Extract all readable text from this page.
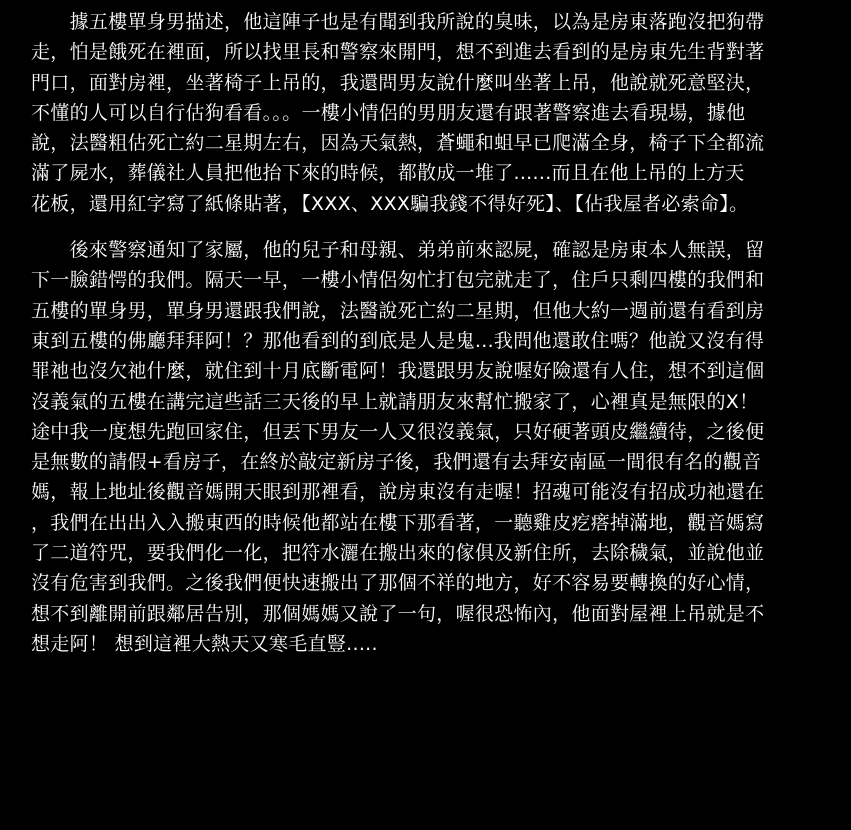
　　據五樓單身男描述，他這陣子也是有聞到我所說的臭味，以為是房東落跑沒把狗帶
走，怕是餓死在裡面，所以找里長和警察來開門，想不到進去看到的是房東先生背對著
門口，面對房裡，坐著椅子上吊的，我還問男友說什麼叫坐著上吊，他說就死意堅決，
不懂的人可以自行估狗看看。。。一樓小情侶的男朋友還有跟著警察進去看現場，據他
說，法醫粗估死亡約二星期左右，因為天氣熱，蒼蠅和蛆早已爬滿全身，椅子下全都流
滿了屍水，葬儀社人員把他抬下來的時候，都散成一堆了......而且在他上吊的上方天
花板，還用紅字寫了紙條貼著，【XXX、XXX騙我錢不得好死】、【佔我屋者必索命】。
　　後來警察通知了家屬，他的兒子和母親、弟弟前來認屍，確認是房東本人無誤，留
下一臉錯愕的我們。隔天一早，一樓小情侶匆忙打包完就走了，住戶只剩四樓的我們和
五樓的單身男，單身男還跟我們說，法醫說死亡約二星期，但他大約一週前還有看到房
東到五樓的佛廳拜拜阿！？那他看到的到底是人是鬼...我問他還敢住嗎？他說又沒有得
罪祂也沒欠祂什麼，就住到十月底斷電阿！我還跟男友說喔好險還有人住，想不到這個
沒義氣的五樓在講完這些話三天後的早上就請朋友來幫忙搬家了，心裡真是無限的X！
途中我一度想先跑回家住，但丟下男友一人又很沒義氣，只好硬著頭皮繼續待，之後便
是無數的請假+看房子，在終於敲定新房子後，我們還有去拜安南區一間很有名的觀音
媽，報上地址後觀音媽開天眼到那裡看，說房東沒有走喔！招魂可能沒有招成功祂還在
，我們在出出入入搬東西的時候他都站在樓下那看著，一聽雞皮疙瘩掉滿地，觀音媽寫
了二道符咒，要我們化一化，把符水灑在搬出來的傢俱及新住所，去除穢氣，並說他並
沒有危害到我們。之後我們便快速搬出了那個不祥的地方，好不容易要轉換的好心情，
想不到離開前跟鄰居告別，那個媽媽又說了一句，喔很恐怖內，他面對屋裡上吊就是不
想走阿！ 想到這裡大熱天又寒毛直豎.....
